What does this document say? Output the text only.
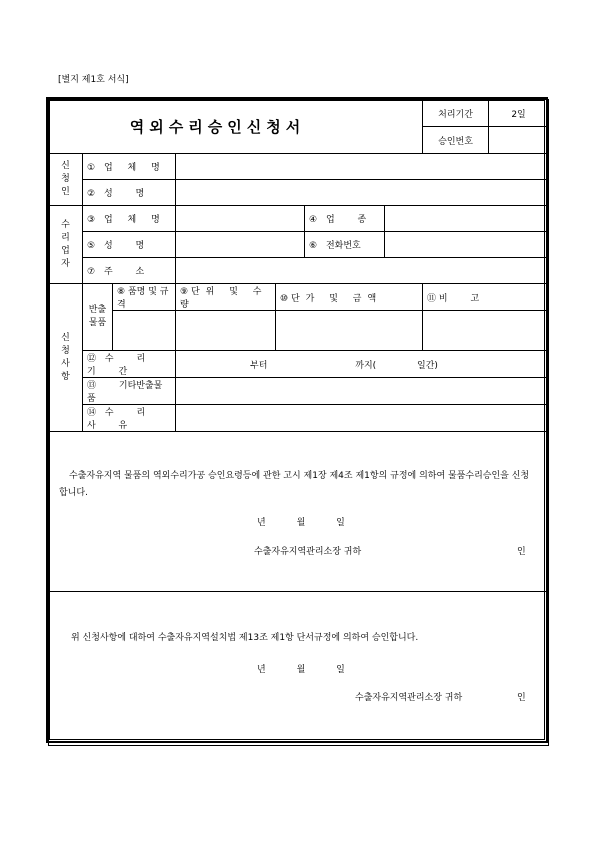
[별지 제1호 서식]
역외수리승인신청서							처리기간	2일
							승인번호	
신
청
인	① 업 체 명							
	② 성 명							
수
리
업
자	③ 업 체 명				④ 업 종			
	⑤ 성 명				⑥ 전화번호			
	⑦ 주 소							
신
청
사
항	반출
물품	⑧ 품명 및 규격	⑨ 단위 및 수량	⑩ 단가 및 금액			⑪ 비 고	

	⑫ 수 리 기 간		부터 까지( 일간)					
	⑬ 기타반출물품							
	⑭ 수 리 사 유							

수출자유지역 물품의 역외수리가공 승인요령등에 관한 고시 제1장 제4조 제1항의 규정에 의하여 물품수리승인을 신청합니다.
년 월 일
수출자유지역관리소장 귀하 인								

위 신청사항에 대하여 수출자유지역설치법 제13조 제1항 단서규정에 의하여 승인합니다.
년 월 일
수출자유지역관리소장 귀하 인								
